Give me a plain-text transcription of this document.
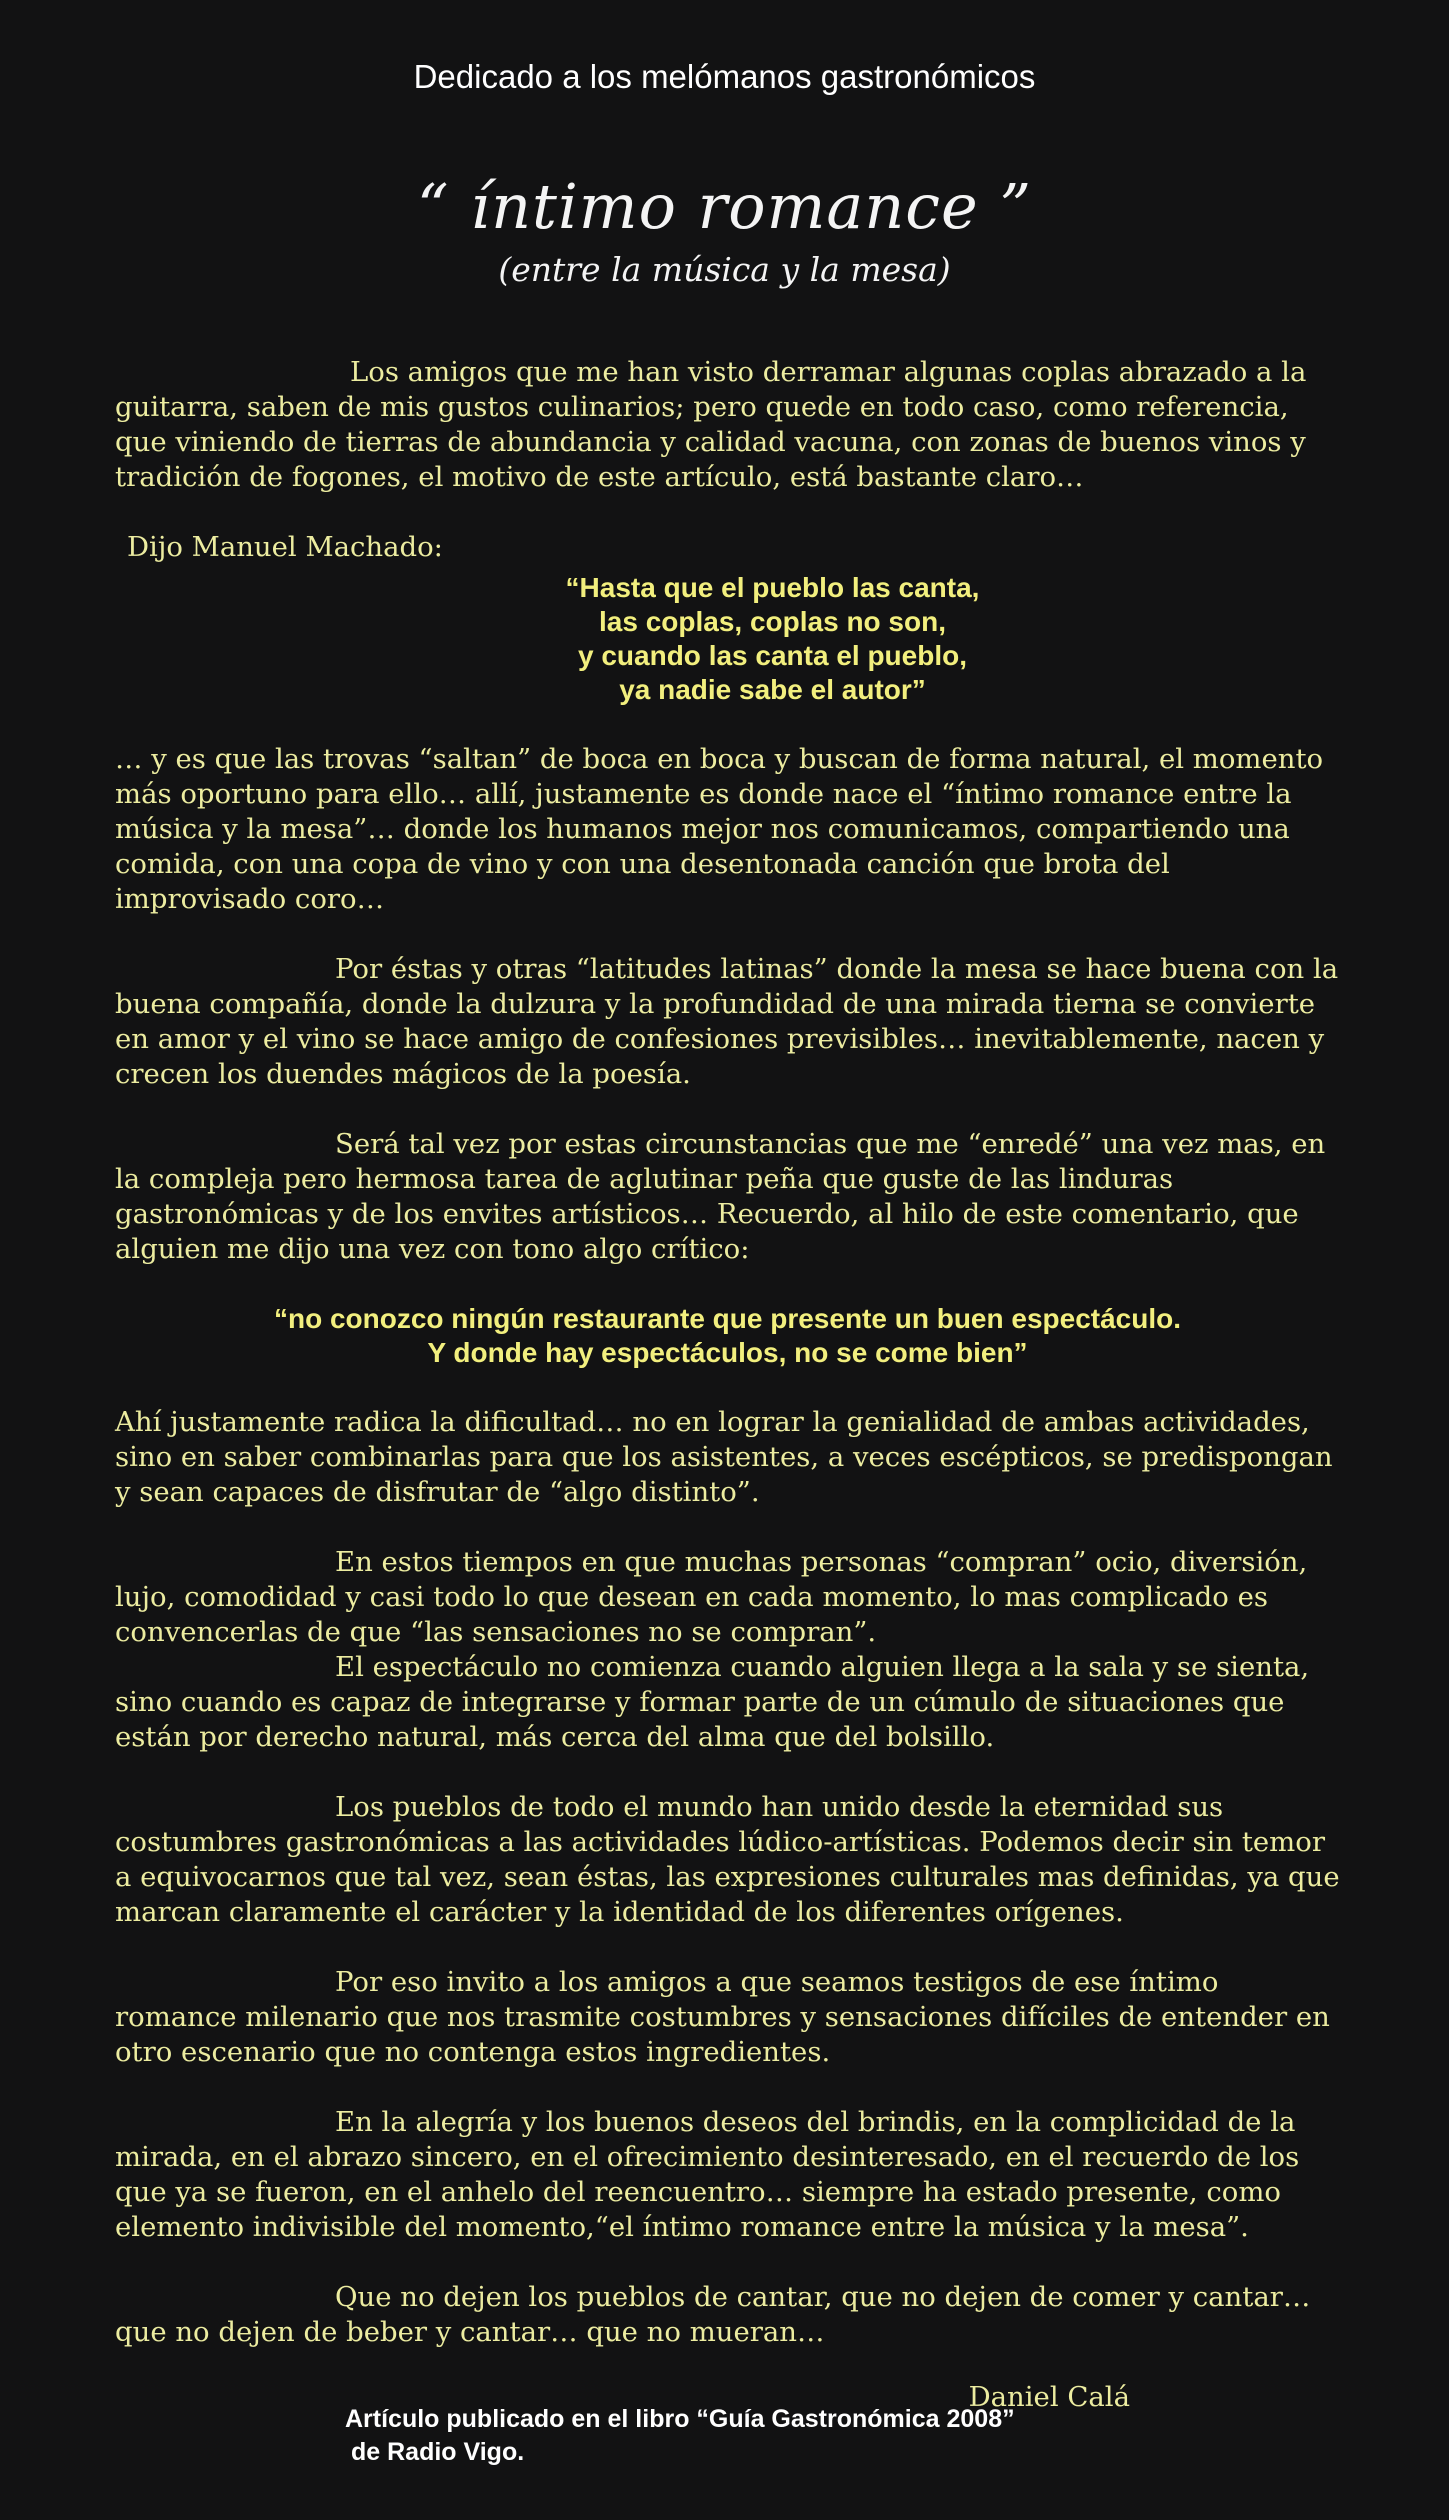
Dedicado a los melómanos gastronómicos
“ íntimo romance ”
(entre la música y la mesa)

Los amigos que me han visto derramar algunas coplas abrazado a la guitarra, saben de mis gustos culinarios; pero quede en todo caso, como referencia, que viniendo de tierras de abundancia y calidad vacuna, con zonas de buenos vinos y tradición de fogones, el motivo de este artículo, está bastante claro…

Dijo Manuel Machado:

“Hasta que el pueblo las canta,
las coplas, coplas no son,
y cuando las canta el pueblo,
ya nadie sabe el autor”

… y es que las trovas “saltan” de boca en boca y buscan de forma natural, el momento más oportuno para ello… allí, justamente es donde nace el “íntimo romance entre la música y la mesa”… donde los humanos mejor nos comunicamos, compartiendo una comida, con una copa de vino y con una desentonada canción que brota del improvisado coro…

Por éstas y otras “latitudes latinas” donde la mesa se hace buena con la buena compañía, donde la dulzura y la profundidad de una mirada tierna se convierte en amor y el vino se hace amigo de confesiones previsibles… inevitablemente, nacen y crecen los duendes mágicos de la poesía.

Será tal vez por estas circunstancias que me “enredé” una vez mas, en la compleja pero hermosa tarea de aglutinar peña que guste de las linduras gastronómicas y de los envites artísticos… Recuerdo, al hilo de este comentario, que alguien me dijo una vez con tono algo crítico:

“no conozco ningún restaurante que presente un buen espectáculo.
Y donde hay espectáculos, no se come bien”

Ahí justamente radica la dificultad… no en lograr la genialidad de ambas actividades, sino en saber combinarlas para que los asistentes, a veces escépticos, se predispongan y sean capaces de disfrutar de “algo distinto”.

En estos tiempos en que muchas personas “compran” ocio, diversión, lujo, comodidad y casi todo lo que desean en cada momento, lo mas complicado es convencerlas de que “las sensaciones no se compran”.

El espectáculo no comienza cuando alguien llega a la sala y se sienta, sino cuando es capaz de integrarse y formar parte de un cúmulo de situaciones que están por derecho natural, más cerca del alma que del bolsillo.

Los pueblos de todo el mundo han unido desde la eternidad sus costumbres gastronómicas a las actividades lúdico-artísticas. Podemos decir sin temor a equivocarnos que tal vez, sean éstas, las expresiones culturales mas definidas, ya que marcan claramente el carácter y la identidad de los diferentes orígenes.

Por eso invito a los amigos a que seamos testigos de ese íntimo romance milenario que nos trasmite costumbres y sensaciones difíciles de entender en otro escenario que no contenga estos ingredientes.

En la alegría y los buenos deseos del brindis, en la complicidad de la mirada, en el abrazo sincero, en el ofrecimiento desinteresado, en el recuerdo de los que ya se fueron, en el anhelo del reencuentro… siempre ha estado presente, como elemento indivisible del momento,“el íntimo romance entre la música y la mesa”.

Que no dejen los pueblos de cantar, que no dejen de comer y cantar… que no dejen de beber y cantar… que no mueran…

Daniel Calá

Artículo publicado en el libro “Guía Gastronómica 2008”
de Radio Vigo.
